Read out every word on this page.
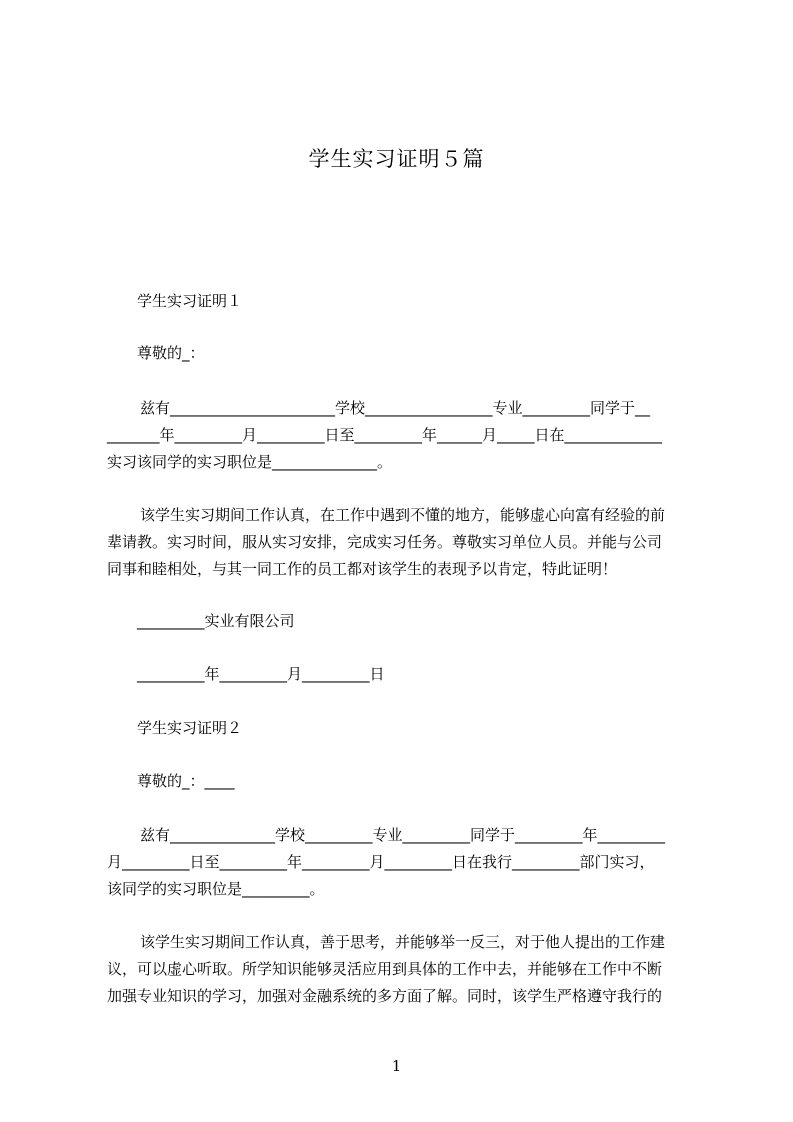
学生实习证明５篇
学生实习证明１
尊敬的_：
兹有______________________学校_________________专业_________同学于__
_______年_________月_________日至_________年______月_____日在_____________
实习该同学的实习职位是______________。
该学生实习期间工作认真，在工作中遇到不懂的地方，能够虚心向富有经验的前
辈请教。实习时间，服从实习安排，完成实习任务。尊敬实习单位人员。并能与公司
同事和睦相处，与其一同工作的员工都对该学生的表现予以肯定，特此证明！
_________实业有限公司
_________年_________月_________日
学生实习证明２
尊敬的_：____
兹有______________学校_________专业_________同学于_________年_________
月_________日至_________年_________月_________日在我行_________部门实习，
该同学的实习职位是_________。
该学生实习期间工作认真，善于思考，并能够举一反三，对于他人提出的工作建
议，可以虚心听取。所学知识能够灵活应用到具体的工作中去，并能够在工作中不断
加强专业知识的学习，加强对金融系统的多方面了解。同时，该学生严格遵守我行的
1
